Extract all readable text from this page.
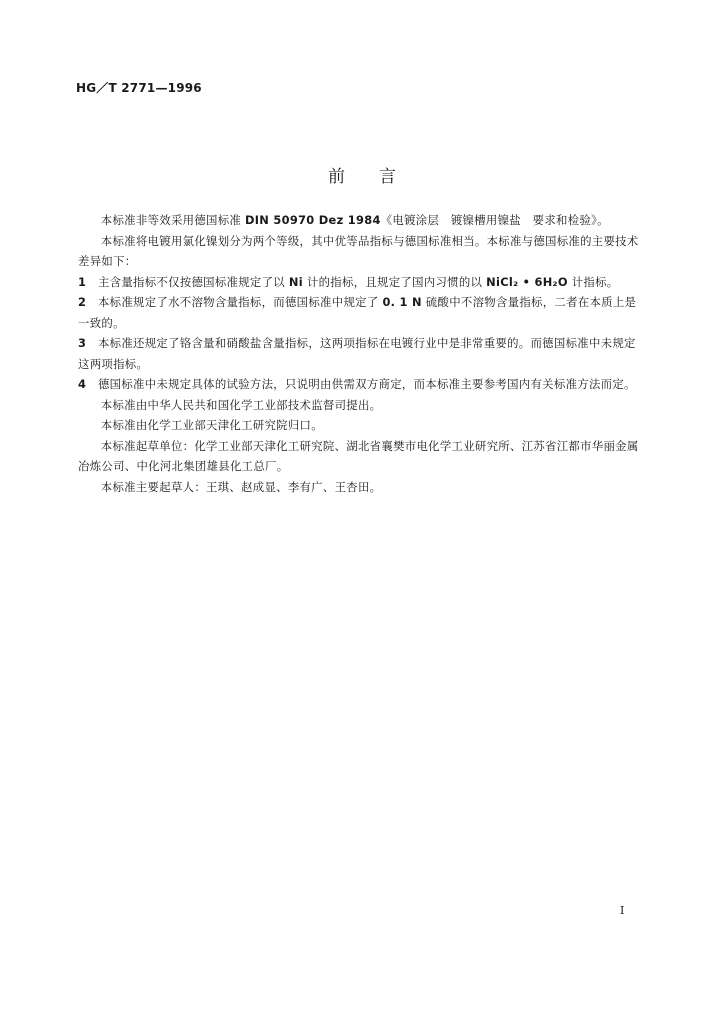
HG／T 2771—1996
前 言

本标准非等效采用德国标准 DIN 50970 Dez 1984《电镀涂层　镀镍槽用镍盐　要求和检验》。

本标准将电镀用氯化镍划分为两个等级，其中优等品指标与德国标准相当。本标准与德国标准的主要技术差异如下：

1　 主含量指标不仅按德国标准规定了以 Ni 计的指标，且规定了国内习惯的以 NiCl₂ • 6H₂O 计指标。

2　 本标准规定了水不溶物含量指标，而德国标准中规定了 0. 1 N 硫酸中不溶物含量指标，二者在本质上是一致的。

3　 本标准还规定了铬含量和硝酸盐含量指标，这两项指标在电镀行业中是非常重要的。而德国标准中未规定这两项指标。

4　 德国标准中未规定具体的试验方法，只说明由供需双方商定，而本标准主要参考国内有关标准方法而定。

本标准由中华人民共和国化学工业部技术监督司提出。

本标准由化学工业部天津化工研究院归口。

本标准起草单位：化学工业部天津化工研究院、湖北省襄樊市电化学工业研究所、江苏省江都市华丽金属冶炼公司、中化河北集团雄县化工总厂。

本标准主要起草人：王琪、赵成显、李有广、王杏田。

I
